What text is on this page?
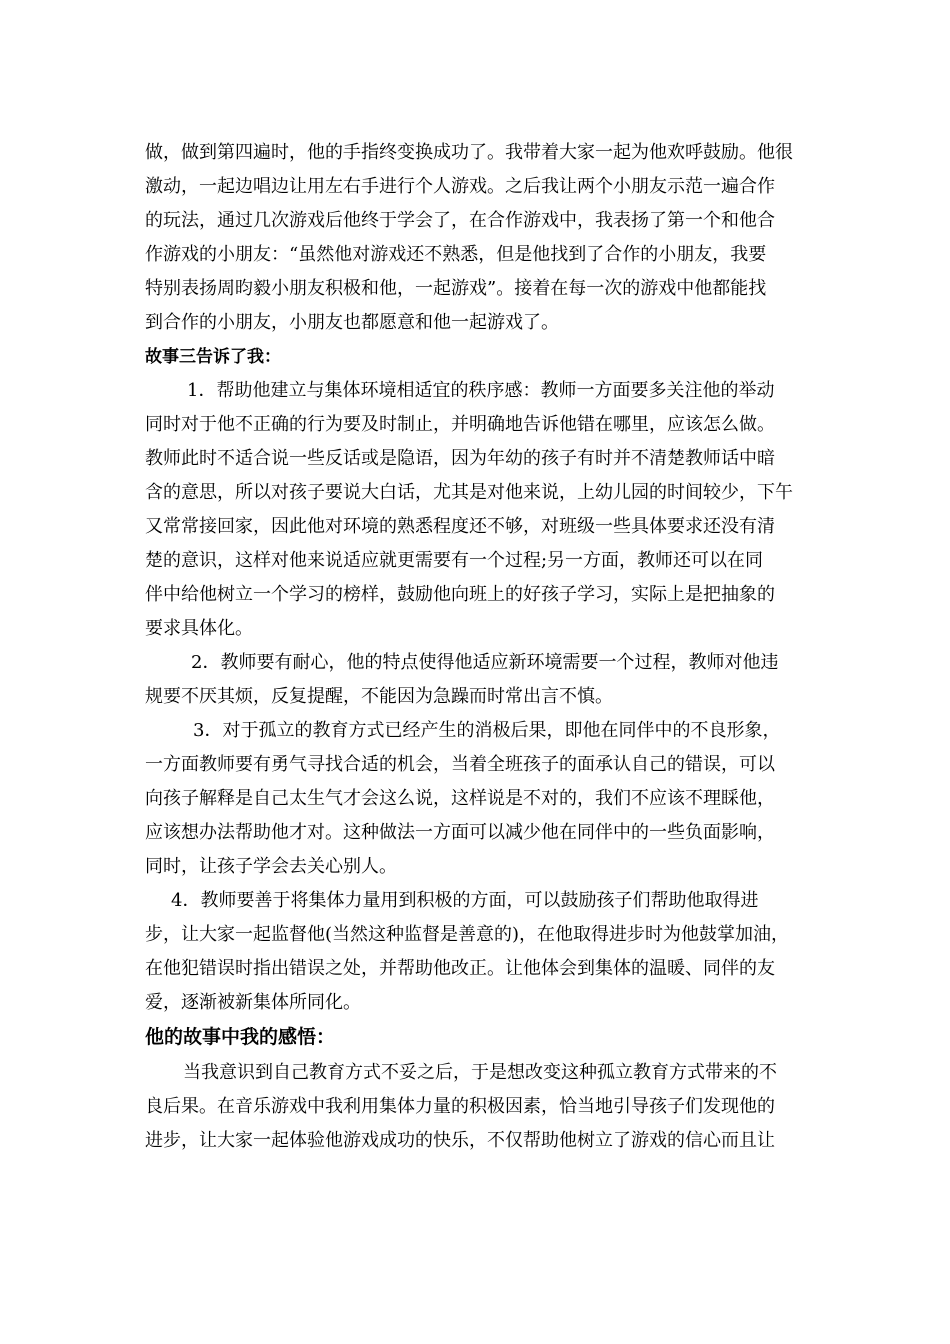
做，做到第四遍时，他的手指终变换成功了。我带着大家一起为他欢呼鼓励。他很
激动，一起边唱边让用左右手进行个人游戏。之后我让两个小朋友示范一遍合作
的玩法，通过几次游戏后他终于学会了，在合作游戏中，我表扬了第一个和他合
作游戏的小朋友：“虽然他对游戏还不熟悉，但是他找到了合作的小朋友，我要
特别表扬周昀毅小朋友积极和他，一起游戏”。接着在每一次的游戏中他都能找
到合作的小朋友，小朋友也都愿意和他一起游戏了。
故事三告诉了我：
1．帮助他建立与集体环境相适宜的秩序感：教师一方面要多关注他的举动
同时对于他不正确的行为要及时制止，并明确地告诉他错在哪里，应该怎么做。
教师此时不适合说一些反话或是隐语，因为年幼的孩子有时并不清楚教师话中暗
含的意思，所以对孩子要说大白话，尤其是对他来说，上幼儿园的时间较少，下午
又常常接回家，因此他对环境的熟悉程度还不够，对班级一些具体要求还没有清
楚的意识，这样对他来说适应就更需要有一个过程;另一方面，教师还可以在同
伴中给他树立一个学习的榜样，鼓励他向班上的好孩子学习，实际上是把抽象的
要求具体化。
2．教师要有耐心，他的特点使得他适应新环境需要一个过程，教师对他违
规要不厌其烦，反复提醒，不能因为急躁而时常出言不慎。
3．对于孤立的教育方式已经产生的消极后果，即他在同伴中的不良形象，
一方面教师要有勇气寻找合适的机会，当着全班孩子的面承认自己的错误，可以
向孩子解释是自己太生气才会这么说，这样说是不对的，我们不应该不理睬他，
应该想办法帮助他才对。这种做法一方面可以减少他在同伴中的一些负面影响，
同时，让孩子学会去关心别人。
4．教师要善于将集体力量用到积极的方面，可以鼓励孩子们帮助他取得进
步，让大家一起监督他(当然这种监督是善意的)，在他取得进步时为他鼓掌加油，
在他犯错误时指出错误之处，并帮助他改正。让他体会到集体的温暖、同伴的友
爱，逐渐被新集体所同化。
他的故事中我的感悟：
当我意识到自己教育方式不妥之后，于是想改变这种孤立教育方式带来的不
良后果。在音乐游戏中我利用集体力量的积极因素，恰当地引导孩子们发现他的
进步，让大家一起体验他游戏成功的快乐，不仅帮助他树立了游戏的信心而且让
